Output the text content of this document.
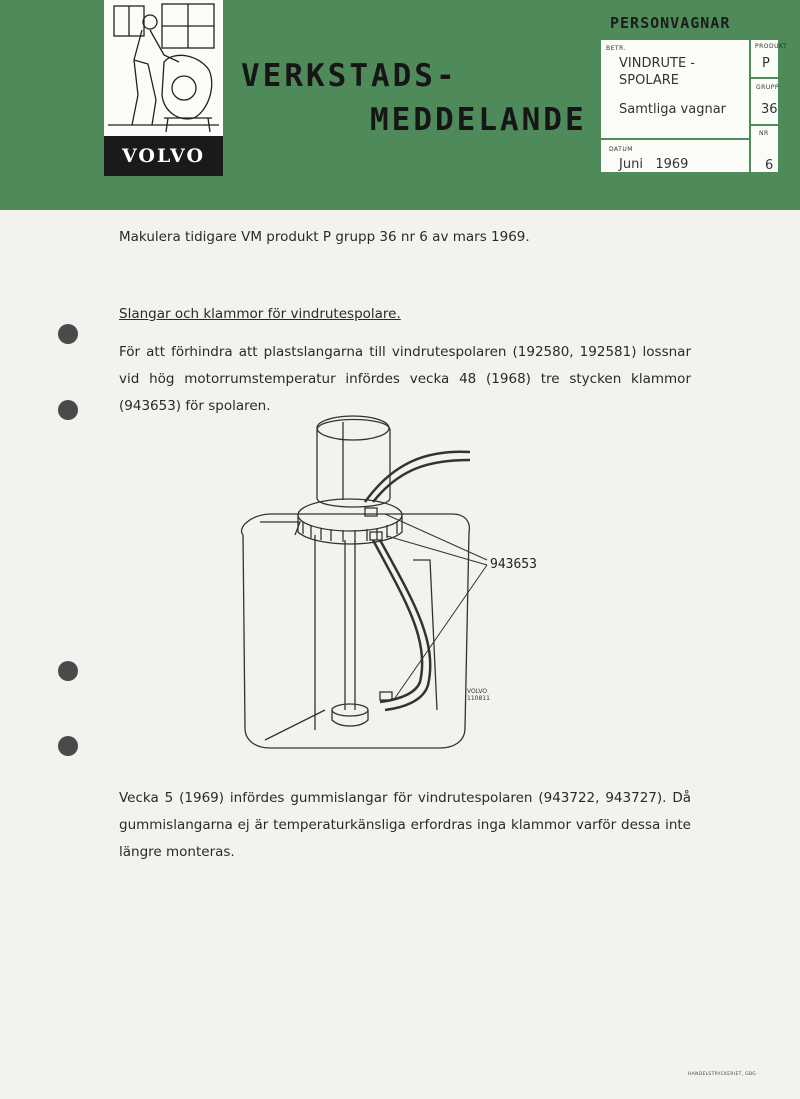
VOLVO
VERKSTADS-
MEDDELANDE
PERSONVAGNAR
BETR.
VINDRUTE -
SPOLARE
Samtliga vagnar
PRODUKT
P
GRUPP
36
NR
6
DATUM
Juni   1969
Makulera tidigare VM produkt P grupp 36 nr 6 av mars 1969.
Slangar och klammor för vindrutespolare.
För att förhindra att plastslangarna till vindrutespolaren (192580, 192581) lossnar vid hög motorrumstemperatur infördes vecka 48 (1968) tre stycken klammor (943653) för spolaren.
943653
VOLVO
110811
Vecka 5 (1969) infördes gummislangar för vindrutespolaren (943722, 943727). Då gummislangarna ej är temperaturkänsliga erfordras inga klammor varför dessa inte längre monteras.
HANDELSTRYCKERIET, GBG
